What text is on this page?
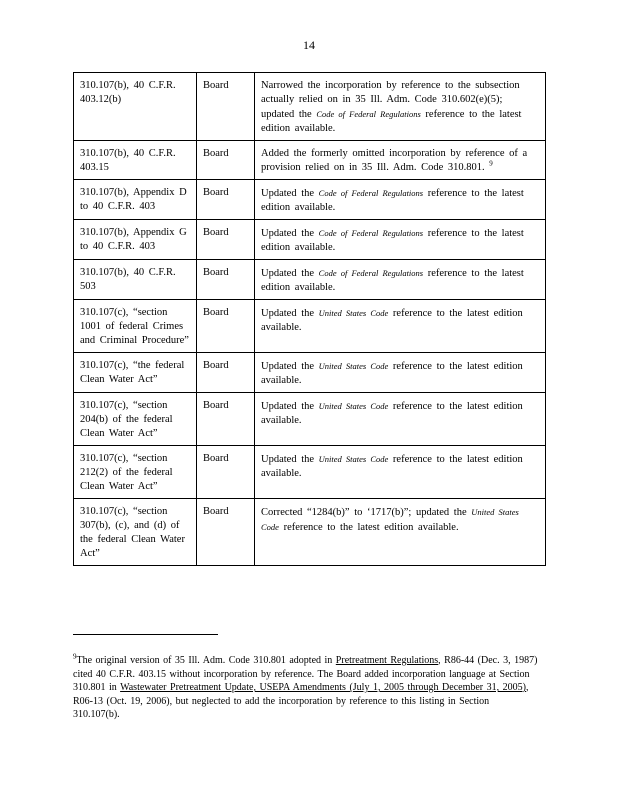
14
310.107(b), 40 C.F.R. 403.12(b)	Board	Narrowed the incorporation by reference to the subsection actually relied on in 35 Ill. Adm. Code 310.602(e)(5); updated the Code of Federal Regulations reference to the latest edition available.
310.107(b), 40 C.F.R. 403.15	Board	Added the formerly omitted incorporation by reference of a provision relied on in 35 Ill. Adm. Code 310.801. $^9$
310.107(b), Appendix D to 40 C.F.R. 403	Board	Updated the Code of Federal Regulations reference to the latest edition available.
310.107(b), Appendix G to 40 C.F.R. 403	Board	Updated the Code of Federal Regulations reference to the latest edition available.
310.107(b), 40 C.F.R. 503	Board	Updated the Code of Federal Regulations reference to the latest edition available.
310.107(c), “section 1001 of federal Crimes and Criminal Procedure”	Board	Updated the United States Code reference to the latest edition available.
310.107(c), “the federal Clean Water Act”	Board	Updated the United States Code reference to the latest edition available.
310.107(c), “section 204(b) of the federal Clean Water Act”	Board	Updated the United States Code reference to the latest edition available.
310.107(c), “section 212(2) of the federal Clean Water Act”	Board	Updated the United States Code reference to the latest edition available.
310.107(c), “section 307(b), (c), and (d) of the federal Clean Water Act”	Board	Corrected “1284(b)” to ‘1717(b)”; updated the United States Code reference to the latest edition available.
$^9$The original version of 35 Ill. Adm. Code 310.801 adopted in Pretreatment Regulations, R86-44 (Dec. 3, 1987) cited 40 C.F.R. 403.15 without incorporation by reference. The Board added incorporation language at Section 310.801 in Wastewater Pretreatment Update, USEPA Amendments (July 1, 2005 through December 31, 2005), R06-13 (Oct. 19, 2006), but neglected to add the incorporation by reference to this listing in Section 310.107(b).
